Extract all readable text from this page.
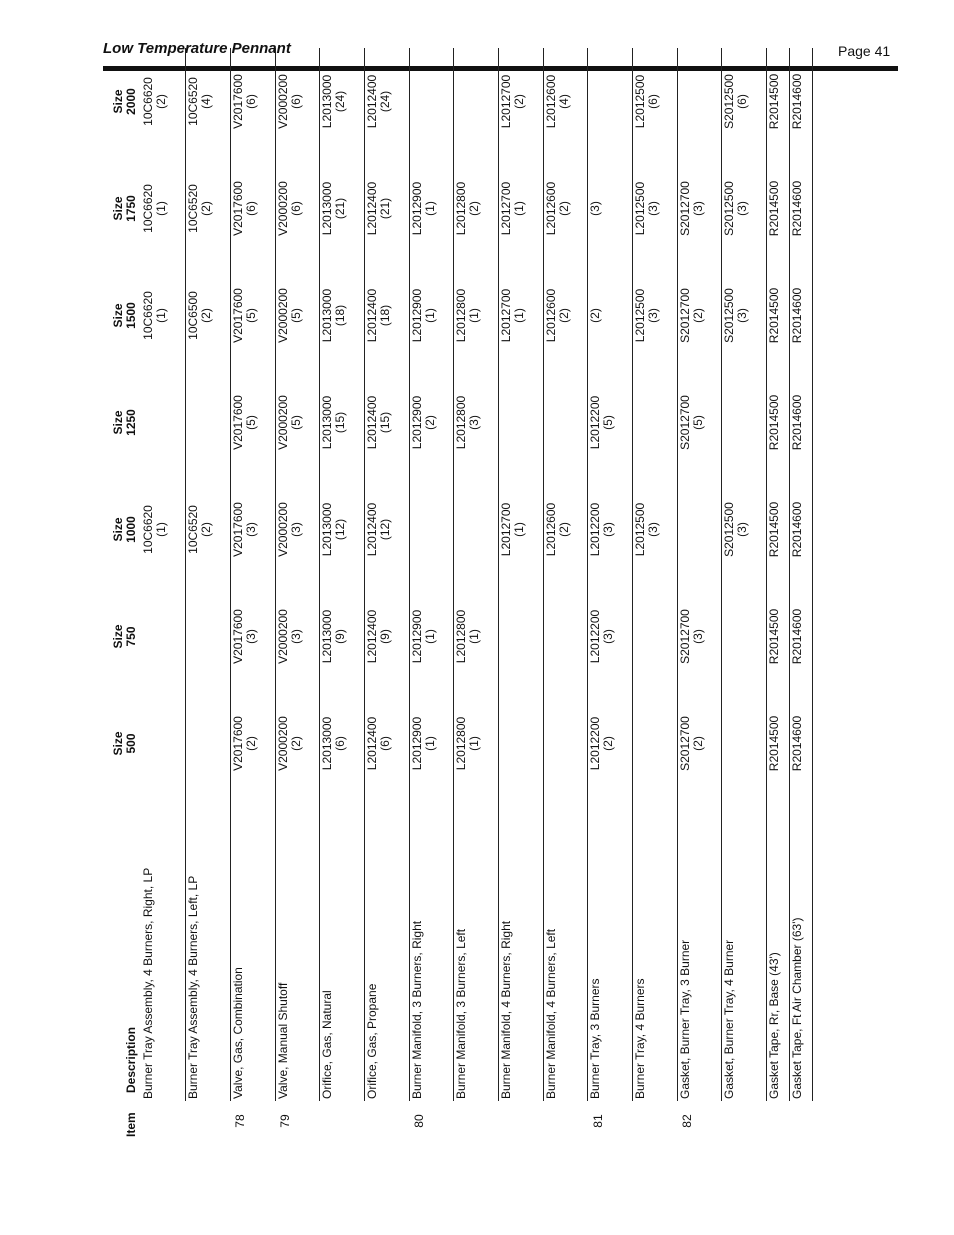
Low Temperature Pennant	Page 41
Item	Description	Size 500	Size 750	Size 1000	Size 1250	Size 1500	Size 1750	Size 2000

	Burner Tray Assembly, 4 Burners, Right, LP			10C6620 (1)		10C6620 (1)	10C6620 (1)	10C6620 (2)

	Burner Tray Assembly, 4 Burners, Left, LP			10C6520 (2)		10C6500 (2)	10C6520 (2)	10C6520 (4)

78	Valve, Gas, Combination	V2017600 (2)	V2017600 (3)	V2017600 (3)	V2017600 (5)	V2017600 (5)	V2017600 (6)	V2017600 (6)

79	Valve, Manual Shutoff	V2000200 (2)	V2000200 (3)	V2000200 (3)	V2000200 (5)	V2000200 (5)	V2000200 (6)	V2000200 (6)

	Orifice, Gas, Natural	L2013000 (6)	L2013000 (9)	L2013000 (12)	L2013000 (15)	L2013000 (18)	L2013000 (21)	L2013000 (24)

	Orifice, Gas, Propane	L2012400 (6)	L2012400 (9)	L2012400 (12)	L2012400 (15)	L2012400 (18)	L2012400 (21)	L2012400 (24)

80	Burner Manifold, 3 Burners, Right	L2012900 (1)	L2012900 (1)		L2012900 (2)	L2012900 (1)	L2012900 (1)	

	Burner Manifold, 3 Burners, Left	L2012800 (1)	L2012800 (1)		L2012800 (3)	L2012800 (1)	L2012800 (2)	

	Burner Manifold, 4 Burners, Right			L2012700 (1)		L2012700 (1)	L2012700 (1)	L2012700 (2)

	Burner Manifold, 4 Burners, Left			L2012600 (2)		L2012600 (2)	L2012600 (2)	L2012600 (4)

81	Burner Tray, 3 Burners	L2012200 (2)	L2012200 (3)	L2012200 (3)	L2012200 (5)	(2)	(3)	

	Burner Tray, 4 Burners			L2012500 (3)		L2012500 (3)	L2012500 (3)	L2012500 (6)

82	Gasket, Burner Tray, 3 Burner	S2012700 (2)	S2012700 (3)		S2012700 (5)	S2012700 (2)	S2012700 (3)	

	Gasket, Burner Tray, 4 Burner			S2012500 (3)		S2012500 (3)	S2012500 (3)	S2012500 (6)

	Gasket Tape, Rr, Base (43')	R2014500	R2014500	R2014500	R2014500	R2014500	R2014500	R2014500

	Gasket Tape, Ft Air Chamber (63')	R2014600	R2014600	R2014600	R2014600	R2014600	R2014600	R2014600
